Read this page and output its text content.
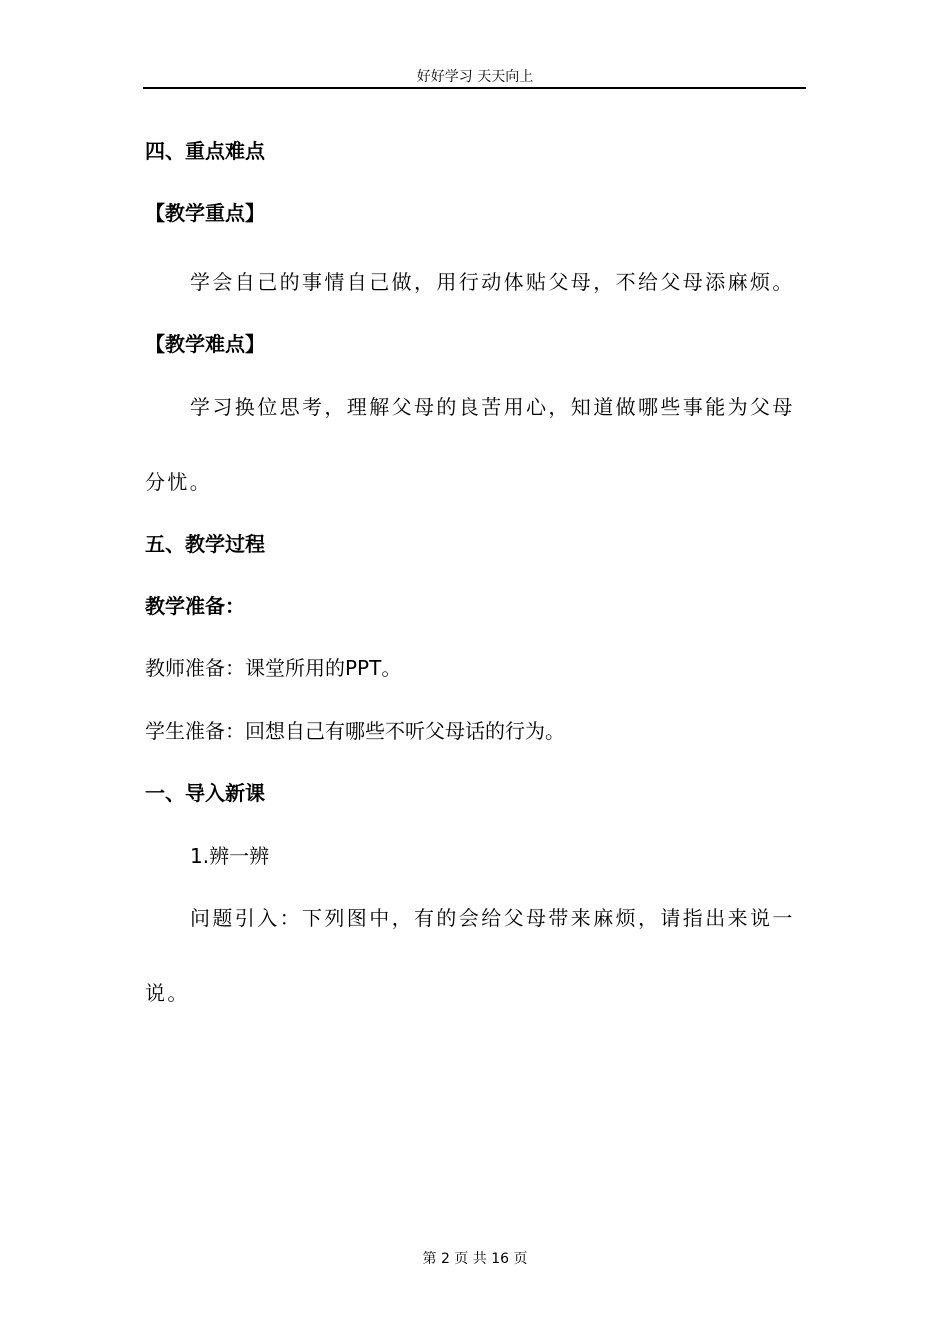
好好学习 天天向上
四、重点难点
【教学重点】
学会自己的事情自己做，用行动体贴父母，不给父母添麻烦。
【教学难点】
学习换位思考，理解父母的良苦用心，知道做哪些事能为父母
分忧。
五、教学过程
教学准备：
教师准备：课堂所用的PPT。
学生准备：回想自己有哪些不听父母话的行为。
一、导入新课
1.辨一辨
问题引入：下列图中，有的会给父母带来麻烦，请指出来说一
说。
第 2 页 共 16 页
